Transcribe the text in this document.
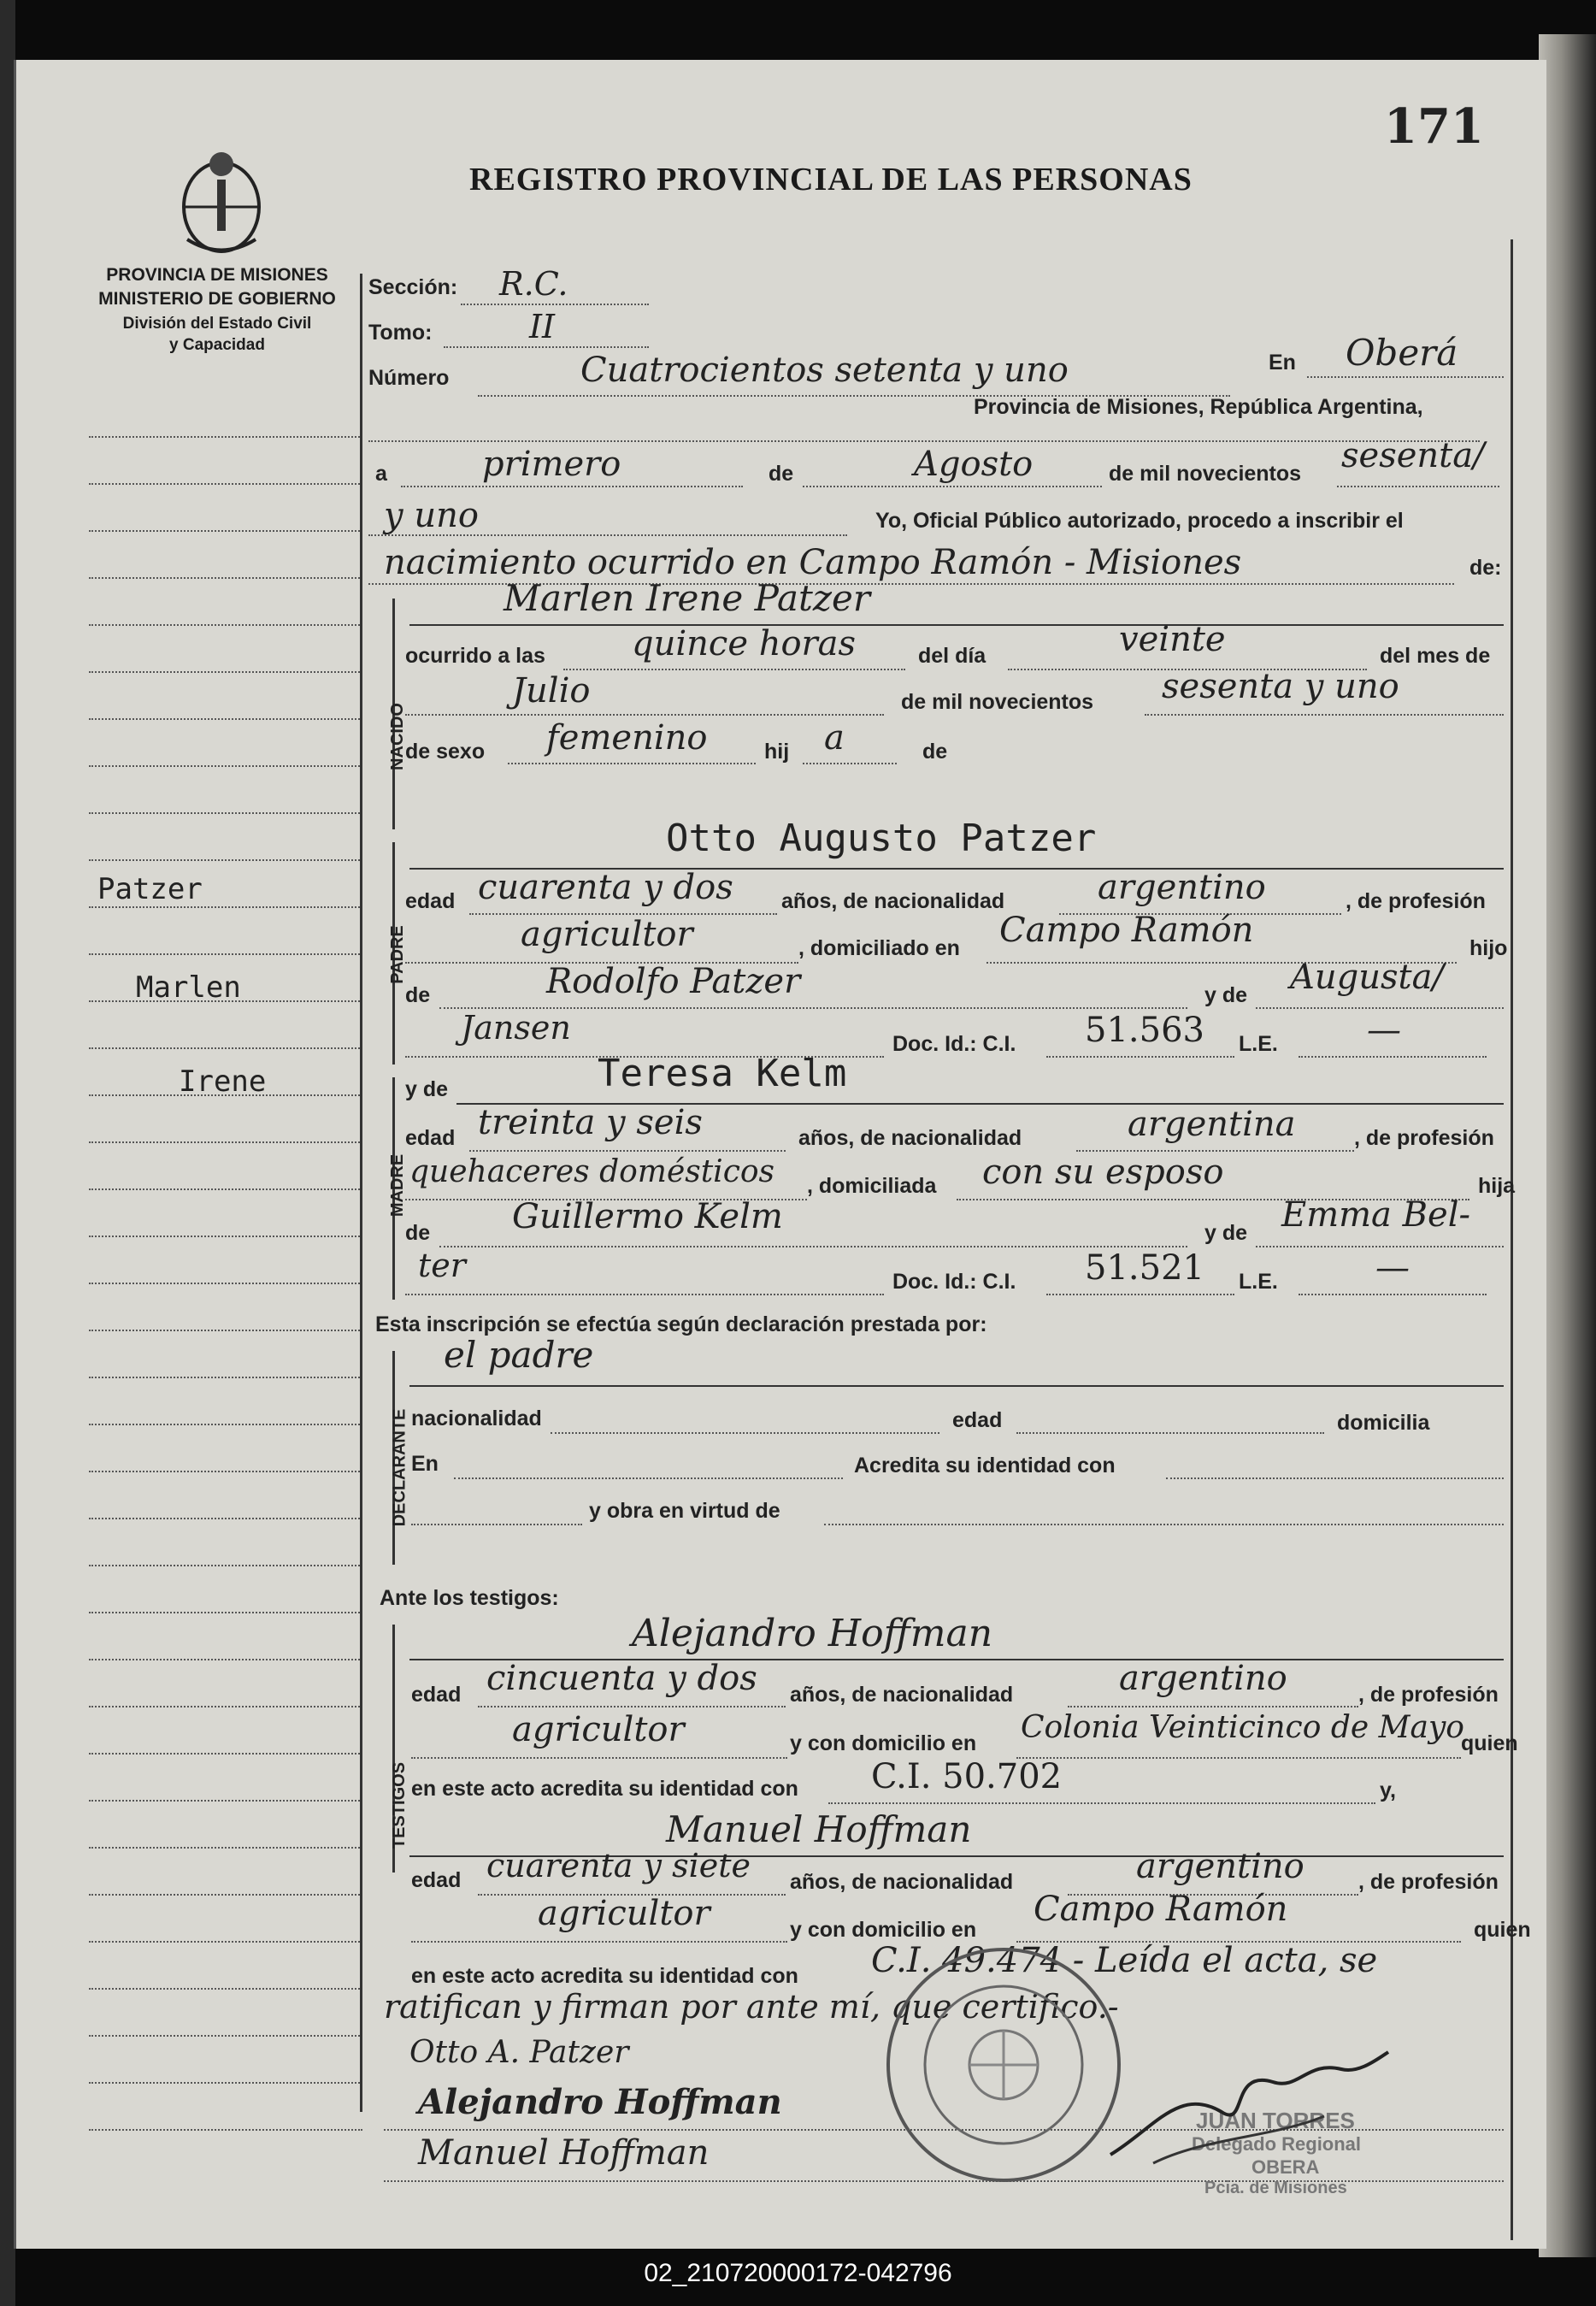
171
REGISTRO PROVINCIAL DE LAS PERSONAS
PROVINCIA DE MISIONES
MINISTERIO DE GOBIERNO
División del Estado Civil
y Capacidad
Patzer
Marlen
Irene
Sección: R.C.
Tomo:	II
Número	Cuatrocientos setenta y uno	En Oberá
Provincia de Misiones, República Argentina,
a	primero	de	Agosto	de mil novecientos sesenta/
y uno	Yo, Oficial Público autorizado, procedo a inscribir el
nacimiento ocurrido en Campo Ramón - Misiones	de:
NACIDO
Marlen Irene Patzer
ocurrido a las	quince horas	del día	veinte	del mes de
Julio	de mil novecientos sesenta y uno
de sexo femenino	hij a	de
PADRE
Otto Augusto Patzer
edad cuarenta y dos años, de nacionalidad	argentino	, de profesión
agricultor	, domiciliado en Campo Ramón	hijo
de	Rodolfo Patzer	y de Augusta/
Jansen	Doc. Id.: C.I. 51.563 L.E.	—
MADRE
y de	Teresa Kelm
edad treinta y seis	años, de nacionalidad	argentina	, de profesión
quehaceres domésticos , domiciliada con su esposo	hija
de Guillermo Kelm	y de Emma Bel-
ter	Doc. Id.: C.I. 51.521 L.E.	—
Esta inscripción se efectúa según declaración prestada por:
DECLARANTE
el padre
nacionalidad	edad	domicilia
En	Acredita su identidad con
y obra en virtud de
Ante los testigos:
TESTIGOS
Alejandro Hoffman
edad cincuenta y dos años, de nacionalidad	argentino	, de profesión
agricultor	y con domicilio en Colonia Veinticinco de Mayo
quien
en este acto acredita su identidad con C.I. 50.702	y,
Manuel Hoffman
edad cuarenta y siete años, de nacionalidad	argentino	, de profesión
agricultor	y con domicilio en
Campo Ramón
quien
en este acto acredita su identidad con C.I. 49.474 - Leída el acta, se
ratifican y firman por ante mí, que certifico.-
Otto A. Patzer
Alejandro Hoffman
Manuel Hoffman
JUAN TORRES
Delegado Regional
OBERA
Pcia. de Misiones
02_210720000172-042796
